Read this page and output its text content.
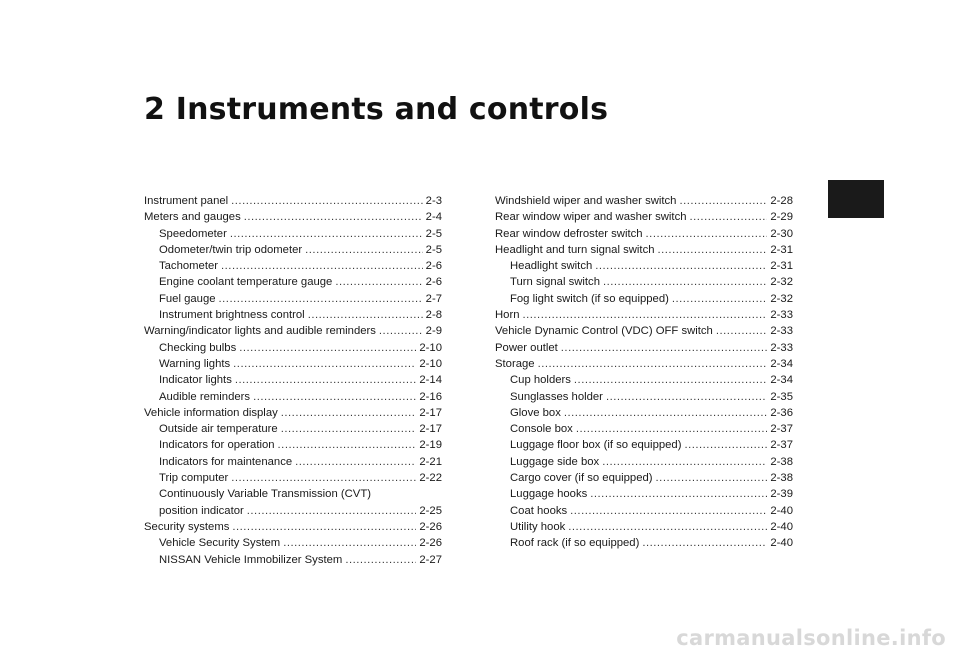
2 Instruments and controls
Instrument panel .....	2-3
Meters and gauges .....	2-4
Speedometer .....	2-5
Odometer/twin trip odometer .....	2-5
Tachometer .....	2-6
Engine coolant temperature gauge .....	2-6
Fuel gauge .....	2-7
Instrument brightness control .....	2-8
Warning/indicator lights and audible reminders .....	2-9
Checking bulbs .....	2-10
Warning lights .....	2-10
Indicator lights .....	2-14
Audible reminders .....	2-16
Vehicle information display .....	2-17
Outside air temperature .....	2-17
Indicators for operation .....	2-19
Indicators for maintenance .....	2-21
Trip computer .....	2-22
Continuously Variable Transmission (CVT)
position indicator .....	2-25
Security systems .....	2-26
Vehicle Security System .....	2-26
NISSAN Vehicle Immobilizer System .....	2-27
Windshield wiper and washer switch .....	2-28
Rear window wiper and washer switch .....	2-29
Rear window defroster switch .....	2-30
Headlight and turn signal switch .....	2-31
Headlight switch .....	2-31
Turn signal switch .....	2-32
Fog light switch (if so equipped) .....	2-32
Horn .....	2-33
Vehicle Dynamic Control (VDC) OFF switch .....	2-33
Power outlet .....	2-33
Storage .....	2-34
Cup holders .....	2-34
Sunglasses holder .....	2-35
Glove box .....	2-36
Console box .....	2-37
Luggage floor box (if so equipped) .....	2-37
Luggage side box .....	2-38
Cargo cover (if so equipped) .....	2-38
Luggage hooks .....	2-39
Coat hooks .....	2-40
Utility hook .....	2-40
Roof rack (if so equipped) .....	2-40
carmanualsonline.info
